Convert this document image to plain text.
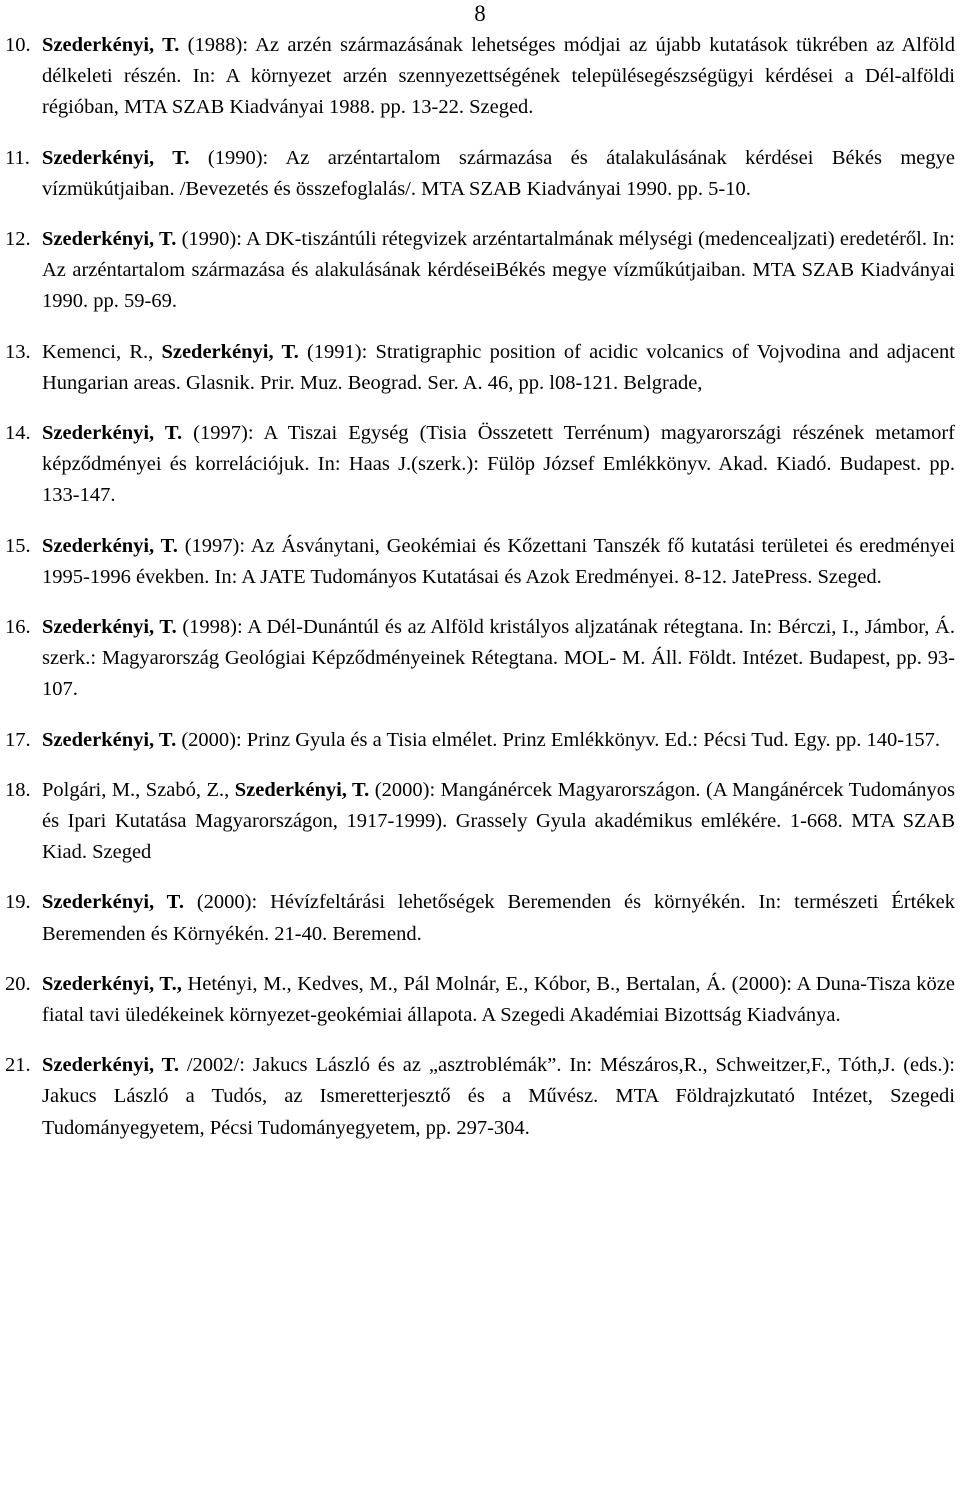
8
10. Szederkényi, T. (1988): Az arzén származásának lehetséges módjai az újabb kutatások tükrében az Alföld délkeleti részén. In: A környezet arzén szennyezettségének településegészségügyi kérdései a Dél-alföldi régióban, MTA SZAB Kiadványai 1988. pp. 13-22. Szeged.
11. Szederkényi, T. (1990): Az arzéntartalom származása és átalakulásának kérdései Békés megye vízmükútjaiban. /Bevezetés és összefoglalás/. MTA SZAB Kiadványai 1990. pp. 5-10.
12. Szederkényi, T. (1990): A DK-tiszántúli rétegvizek arzéntartalmának mélységi (medencealjzati) eredetéről. In: Az arzéntartalom származása és alakulásának kérdéseiBékés megye vízműkútjaiban. MTA SZAB Kiadványai 1990. pp. 59-69.
13. Kemenci, R., Szederkényi, T. (1991): Stratigraphic position of acidic volcanics of Vojvodina and adjacent Hungarian areas. Glasnik. Prir. Muz. Beograd. Ser. A. 46, pp. l08-121. Belgrade,
14. Szederkényi, T. (1997): A Tiszai Egység (Tisia Összetett Terrénum) magyarországi részének metamorf képződményei és korrelációjuk. In: Haas J.(szerk.): Fülöp József Emlékkönyv. Akad. Kiadó. Budapest. pp. 133-147.
15. Szederkényi, T. (1997): Az Ásványtani, Geokémiai és Kőzettani Tanszék fő kutatási területei és eredményei 1995-1996 években. In: A JATE Tudományos Kutatásai és Azok Eredményei. 8-12. JatePress. Szeged.
16. Szederkényi, T. (1998): A Dél-Dunántúl és az Alföld kristályos aljzatának rétegtana. In: Bérczi, I., Jámbor, Á. szerk.: Magyarország Geológiai Képződményeinek Rétegtana. MOL- M. Áll. Földt. Intézet. Budapest, pp. 93-107.
17. Szederkényi, T. (2000): Prinz Gyula és a Tisia elmélet. Prinz Emlékkönyv. Ed.: Pécsi Tud. Egy. pp. 140-157.
18. Polgári, M., Szabó, Z., Szederkényi, T. (2000): Mangánércek Magyarországon. (A Mangánércek Tudományos és Ipari Kutatása Magyarországon, 1917-1999). Grassely Gyula akadémikus emlékére. 1-668. MTA SZAB Kiad. Szeged
19. Szederkényi, T. (2000): Hévízfeltárási lehetőségek Beremenden és környékén. In: természeti Értékek Beremenden és Környékén. 21-40. Beremend.
20. Szederkényi, T., Hetényi, M., Kedves, M., Pál Molnár, E., Kóbor, B., Bertalan, Á. (2000): A Duna-Tisza köze fiatal tavi üledékeinek környezet-geokémiai állapota. A Szegedi Akadémiai Bizottság Kiadványa.
21. Szederkényi, T. /2002/: Jakucs László és az „asztroblémák”. In: Mészáros,R., Schweitzer,F., Tóth,J. (eds.): Jakucs László a Tudós, az Ismeretterjesztő és a Művész. MTA Földrajzkutató Intézet, Szegedi Tudományegyetem, Pécsi Tudományegyetem, pp. 297-304.
